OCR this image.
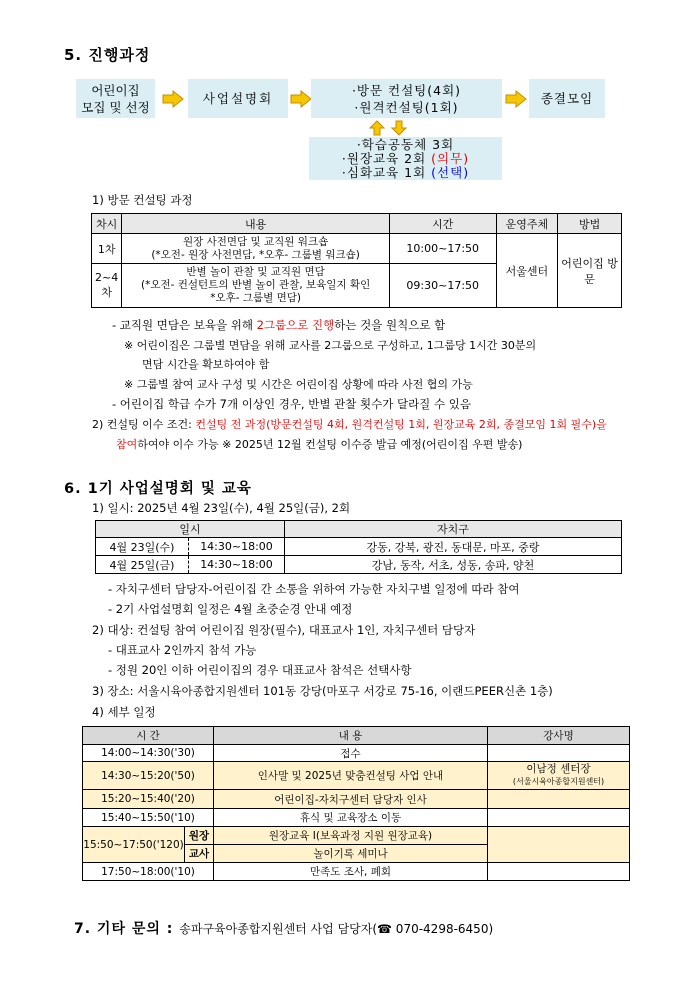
5. 진행과정
어린이집
모집 및 선정
사업설명회
·방문 컨설팅(4회)
·원격컨설팅(1회)
종결모임
·학습공동체 3회
·원장교육 2회 (의무)
·심화교육 1회 (선택)
1) 방문 컨설팅 과정
차시	내용	시간	운영주체	방법
1차	원장 사전면담 및 교직원 워크숍
(*오전- 원장 사전면담, *오후- 그룹별 워크숍)	10:00~17:50	서울센터	어린이집 방문
2~4차	반별 놀이 관찰 및 교직원 면담
(*오전- 컨설턴트의 반별 놀이 관찰, 보육일지 확인
*오후- 그룹별 면담)	09:30~17:50		
- 교직원 면담은 보육을 위해 2그룹으로 진행하는 것을 원칙으로 함
※ 어린이집은 그룹별 면담을 위해 교사를 2그룹으로 구성하고, 1그룹당 1시간 30분의
면담 시간을 확보하여야 함
※ 그룹별 참여 교사 구성 및 시간은 어린이집 상황에 따라 사전 협의 가능
- 어린이집 학급 수가 7개 이상인 경우, 반별 관찰 횟수가 달라질 수 있음
2) 컨설팅 이수 조건: 컨설팅 전 과정(방문컨설팅 4회, 원격컨설팅 1회, 원장교육 2회, 종결모임 1회 필수)을
참여하여야 이수 가능 ※ 2025년 12월 컨설팅 이수증 발급 예정(어린이집 우편 발송)
6. 1기 사업설명회 및 교육
1) 일시: 2025년 4월 23일(수), 4월 25일(금), 2회
일시		자치구
4월 23일(수)	14:30~18:00	강동, 강북, 광진, 동대문, 마포, 중랑
4월 25일(금)	14:30~18:00	강남, 동작, 서초, 성동, 송파, 양천
- 자치구센터 담당자-어린이집 간 소통을 위하여 가능한 자치구별 일정에 따라 참여
- 2기 사업설명회 일정은 4월 초중순경 안내 예정
2) 대상: 컨설팅 참여 어린이집 원장(필수), 대표교사 1인, 자치구센터 담당자
- 대표교사 2인까지 참석 가능
- 정원 20인 이하 어린이집의 경우 대표교사 참석은 선택사항
3) 장소: 서울시육아종합지원센터 101동 강당(마포구 서강로 75-16, 이랜드PEER신촌 1층)
4) 세부 일정
시 간		내 용	강사명
14:00~14:30('30)		접수	
14:30~15:20('50)		인사말 및 2025년 맞춤컨설팅 사업 안내	이남정 센터장
(서울시육아종합지원센터)
15:20~15:40('20)		어린이집-자치구센터 담당자 인사	
15:40~15:50('10)		휴식 및 교육장소 이동	
15:50~17:50('120)	원장	원장교육 Ⅰ(보육과정 지원 원장교육)	
	교사	놀이기록 세미나	
17:50~18:00('10)		만족도 조사, 폐회	
7. 기타 문의 : 송파구육아종합지원센터 사업 담당자(☎ 070-4298-6450)
